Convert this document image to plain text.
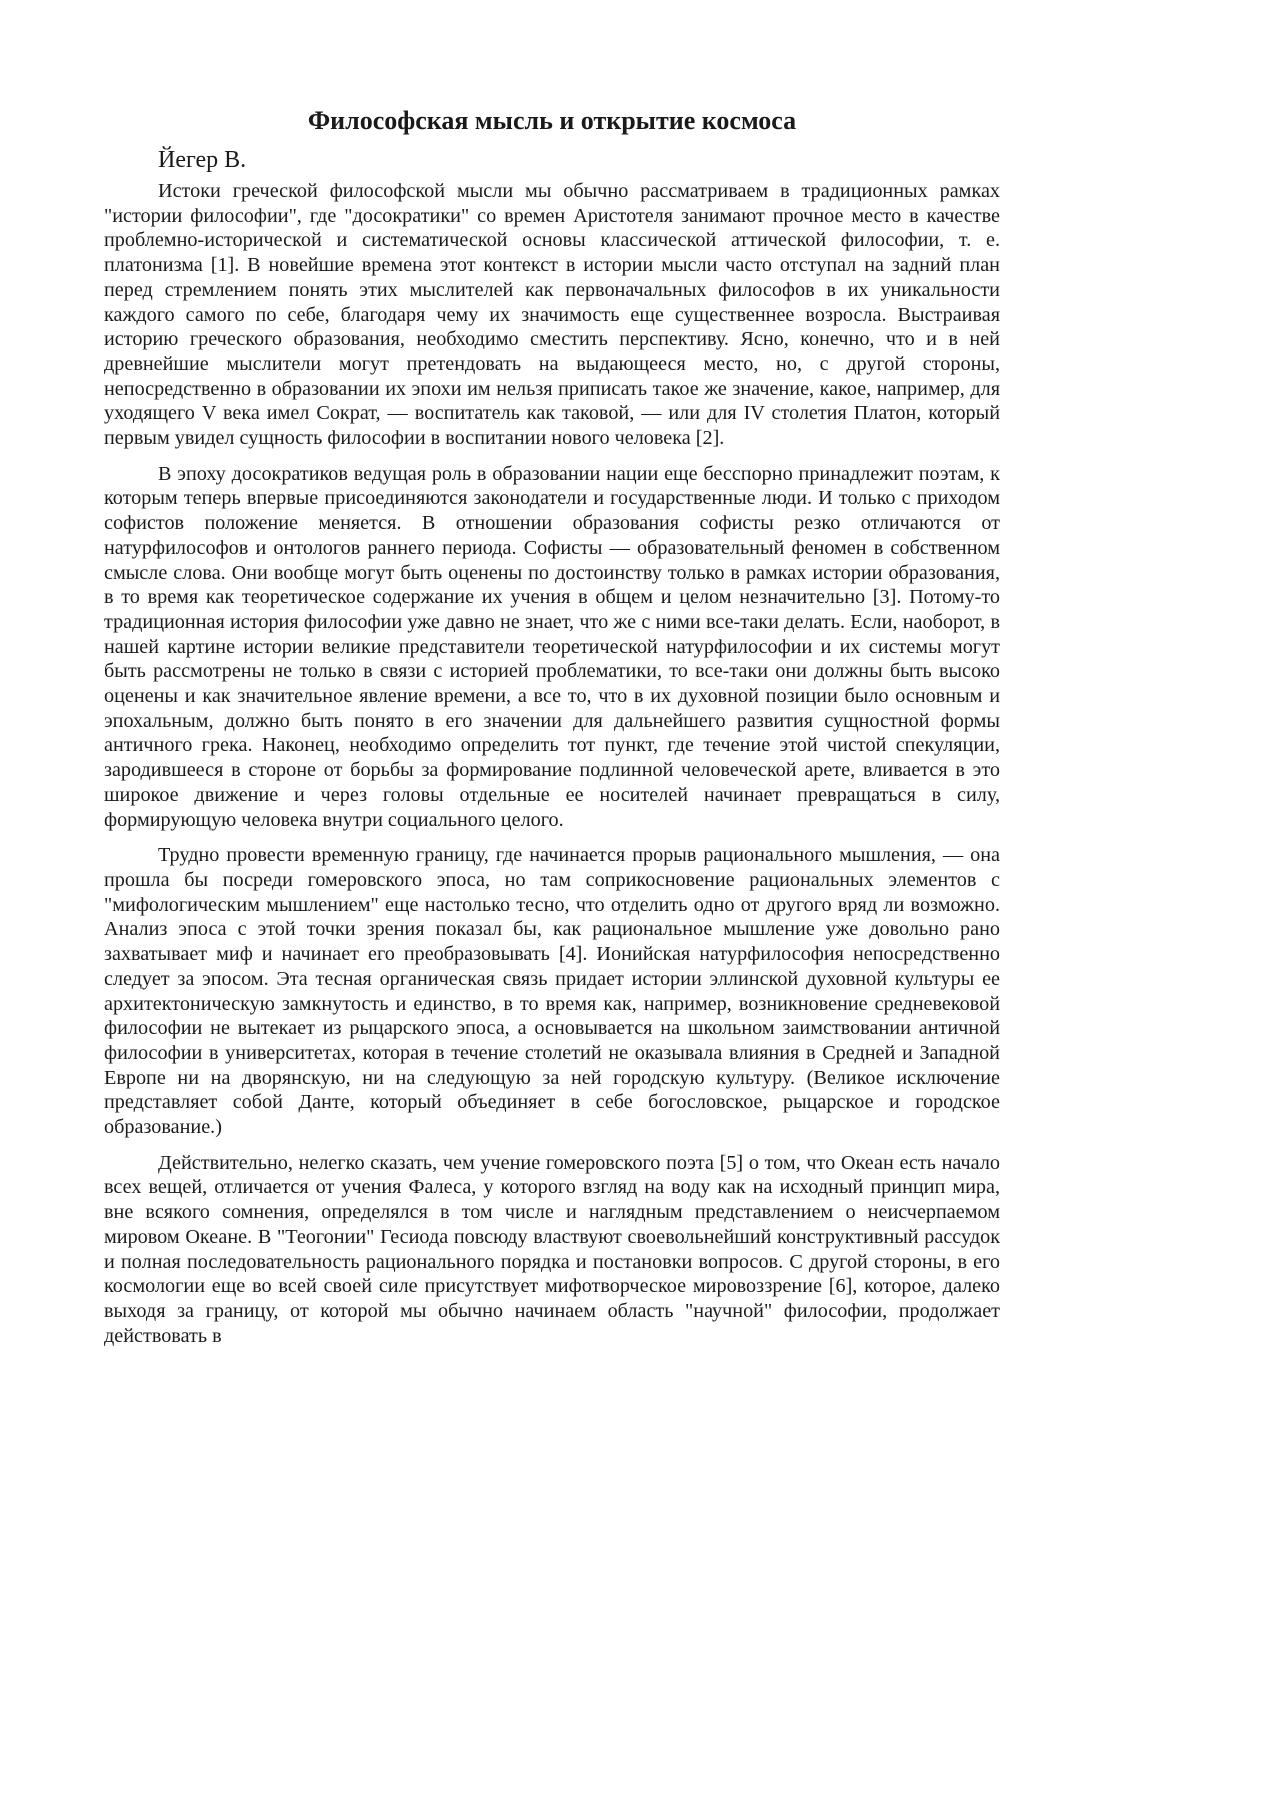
Философская мысль и открытие космоса
Йегер В.

Истоки греческой философской мысли мы обычно рассматриваем в традиционных рамках "истории философии", где "досократики" со времен Аристотеля занимают прочное место в качестве проблемно-исторической и систематической основы классической аттической философии, т. е. платонизма [1]. В новейшие времена этот контекст в истории мысли часто отступал на задний план перед стремлением понять этих мыслителей как первоначальных философов в их уникальности каждого самого по себе, благодаря чему их значимость еще существеннее возросла. Выстраивая историю греческого образования, необходимо сместить перспективу. Ясно, конечно, что и в ней древнейшие мыслители могут претендовать на выдающееся место, но, с другой стороны, непосредственно в образовании их эпохи им нельзя приписать такое же значение, какое, например, для уходящего V века имел Сократ, — воспитатель как таковой, — или для IV столетия Платон, который первым увидел сущность философии в воспитании нового человека [2].

В эпоху досократиков ведущая роль в образовании нации еще бесспорно принадлежит поэтам, к которым теперь впервые присоединяются законодатели и государственные люди. И только с приходом софистов положение меняется. В отношении образования софисты резко отличаются от натурфилософов и онтологов раннего периода. Софисты — образовательный феномен в собственном смысле слова. Они вообще могут быть оценены по достоинству только в рамках истории образования, в то время как теоретическое содержание их учения в общем и целом незначительно [3]. Потому-то традиционная история философии уже давно не знает, что же с ними все-таки делать. Если, наоборот, в нашей картине истории великие представители теоретической натурфилософии и их системы могут быть рассмотрены не только в связи с историей проблематики, то все-таки они должны быть высоко оценены и как значительное явление времени, а все то, что в их духовной позиции было основным и эпохальным, должно быть понято в его значении для дальнейшего развития сущностной формы античного грека. Наконец, необходимо определить тот пункт, где течение этой чистой спекуляции, зародившееся в стороне от борьбы за формирование подлинной человеческой арете, вливается в это широкое движение и через головы отдельные ее носителей начинает превращаться в силу, формирующую человека внутри социального целого.

Трудно провести временную границу, где начинается прорыв рационального мышления, — она прошла бы посреди гомеровского эпоса, но там соприкосновение рациональных элементов с "мифологическим мышлением" еще настолько тесно, что отделить одно от другого вряд ли возможно. Анализ эпоса с этой точки зрения показал бы, как рациональное мышление уже довольно рано захватывает миф и начинает его преобразовывать [4]. Ионийская натурфилософия непосредственно следует за эпосом. Эта тесная органическая связь придает истории эллинской духовной культуры ее архитектоническую замкнутость и единство, в то время как, например, возникновение средневековой философии не вытекает из рыцарского эпоса, а основывается на школьном заимствовании античной философии в университетах, которая в течение столетий не оказывала влияния в Средней и Западной Европе ни на дворянскую, ни на следующую за ней городскую культуру. (Великое исключение представляет собой Данте, который объединяет в себе богословское, рыцарское и городское образование.)

Действительно, нелегко сказать, чем учение гомеровского поэта [5] о том, что Океан есть начало всех вещей, отличается от учения Фалеса, у которого взгляд на воду как на исходный принцип мира, вне всякого сомнения, определялся в том числе и наглядным представлением о неисчерпаемом мировом Океане. В "Теогонии" Гесиода повсюду властвуют своевольнейший конструктивный рассудок и полная последовательность рационального порядка и постановки вопросов. С другой стороны, в его космологии еще во всей своей силе присутствует мифотворческое мировоззрение [6], которое, далеко выходя за границу, от которой мы обычно начинаем область "научной" философии, продолжает действовать в
